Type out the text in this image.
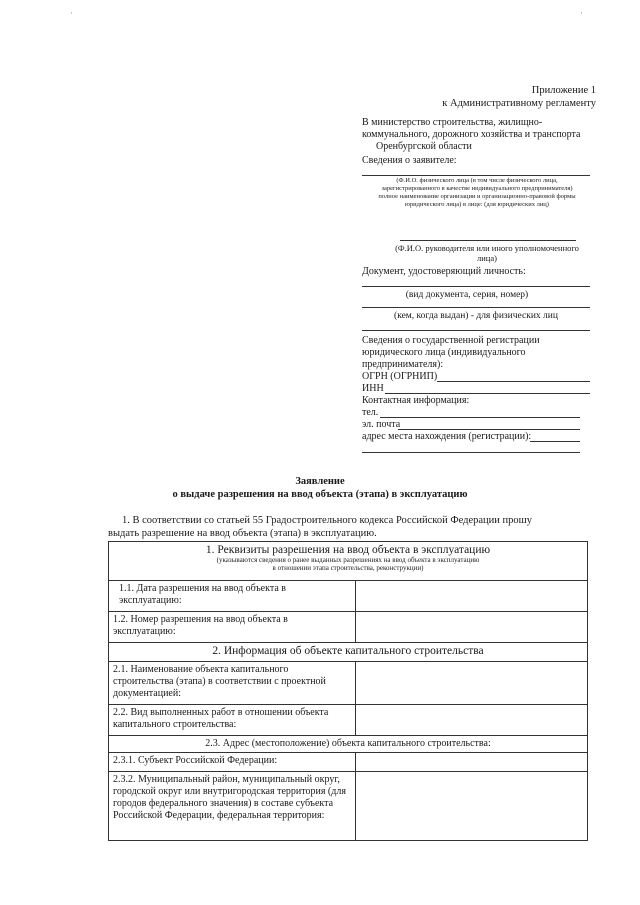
·	·
Приложение 1
к Административному регламенту
В министерство строительства, жилищно-
коммунального, дорожного хозяйства и транспорта
Оренбургской области
Сведения о заявителе:
(Ф.И.О. физического лица (в том числе физического лица, зарегистрированного в качестве индивидуального предпринимателя) полное наименование организации и организационно-правовой формы юридического лица) в лице: (для юридических лиц)
(Ф.И.О. руководителя или иного уполномоченного лица)
Документ, удостоверяющий личность:
(вид документа, серия, номер)
(кем, когда выдан) - для физических лиц
Сведения о государственной регистрации
юридического лица (индивидуального
предпринимателя):
ОГРН (ОГРНИП)
ИНН
Контактная информация:
тел.
эл. почта
адрес места нахождения (регистрации):
Заявление
о выдаче разрешения на ввод объекта (этапа) в эксплуатацию
1. В соответствии со статьей 55 Градостроительного кодекса Российской Федерации прошу
выдать разрешение на ввод объекта (этапа) в эксплуатацию.
1. Реквизиты разрешения на ввод объекта в эксплуатацию
(указываются сведения о ранее выданных разрешениях на ввод объекта в эксплуатацию
в отношении этапа строительства, реконструкции)	

1.1. Дата разрешения на ввод объекта в эксплуатацию:	
1.2. Номер разрешения на ввод объекта в эксплуатацию:	
2. Информация об объекте капитального строительства	
2.1. Наименование объекта капитального строительства (этапа) в соответствии с проектной документацией:	
2.2. Вид выполненных работ в отношении объекта капитального строительства:	
2.3. Адрес (местоположение) объекта капитального строительства:	
2.3.1. Субъект Российской Федерации:	
2.3.2. Муниципальный район, муниципальный округ, городской округ или внутригородская территория (для городов федерального значения) в составе субъекта Российской Федерации, федеральная территория:	
